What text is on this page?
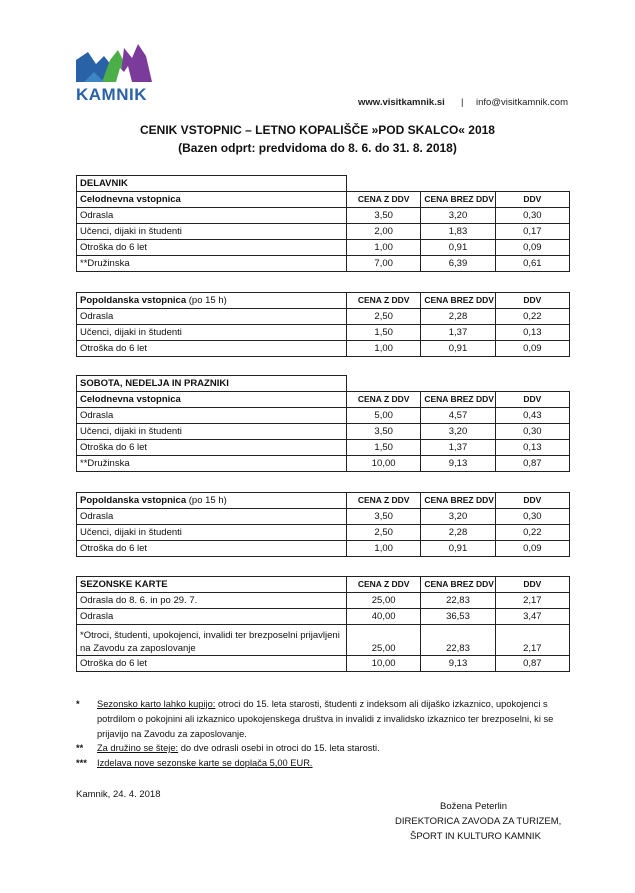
KAMNIK	www.visitkamnik.si | info@visitkamnik.com
CENIK VSTOPNIC – LETNO KOPALIŠČE »POD SKALCO« 2018
(Bazen odprt: predvidoma do 8. 6. do 31. 8. 2018)
DELAVNIK			
Celodnevna vstopnica	CENA Z DDV	CENA BREZ DDV	DDV
Odrasla	3,50	3,20	0,30
Učenci, dijaki in študenti	2,00	1,83	0,17
Otroška do 6 let	1,00	0,91	0,09
**Družinska	7,00	6,39	0,61
Popoldanska vstopnica (po 15 h)	CENA Z DDV	CENA BREZ DDV	DDV
Odrasla	2,50	2,28	0,22
Učenci, dijaki in študenti	1,50	1,37	0,13
Otroška do 6 let	1,00	0,91	0,09
SOBOTA, NEDELJA IN PRAZNIKI			
Celodnevna vstopnica	CENA Z DDV	CENA BREZ DDV	DDV
Odrasla	5,00	4,57	0,43
Učenci, dijaki in študenti	3,50	3,20	0,30
Otroška do 6 let	1,50	1,37	0,13
**Družinska	10,00	9,13	0,87
Popoldanska vstopnica (po 15 h)	CENA Z DDV	CENA BREZ DDV	DDV
Odrasla	3,50	3,20	0,30
Učenci, dijaki in študenti	2,50	2,28	0,22
Otroška do 6 let	1,00	0,91	0,09
SEZONSKE KARTE	CENA Z DDV	CENA BREZ DDV	DDV
Odrasla do 8. 6. in po 29. 7.	25,00	22,83	2,17
Odrasla	40,00	36,53	3,47
*Otroci, študenti, upokojenci, invalidi ter brezposelni prijavljeni na Zavodu za zaposlovanje	25,00	22,83	2,17
Otroška do 6 let	10,00	9,13	0,87
* Sezonsko karto lahko kupijo: otroci do 15. leta starosti, študenti z indeksom ali dijaško izkaznico, upokojenci s potrdilom o pokojnini ali izkaznico upokojenskega društva in invalidi z invalidsko izkaznico ter brezposelni, ki se prijavijo na Zavodu za zaposlovanje.
** Za družino se šteje: do dve odrasli osebi in otroci do 15. leta starosti.
*** Izdelava nove sezonske karte se doplača 5,00 EUR.
Kamnik, 24. 4. 2018
Božena Peterlin
DIREKTORICA ZAVODA ZA TURIZEM,
ŠPORT IN KULTURO KAMNIK
